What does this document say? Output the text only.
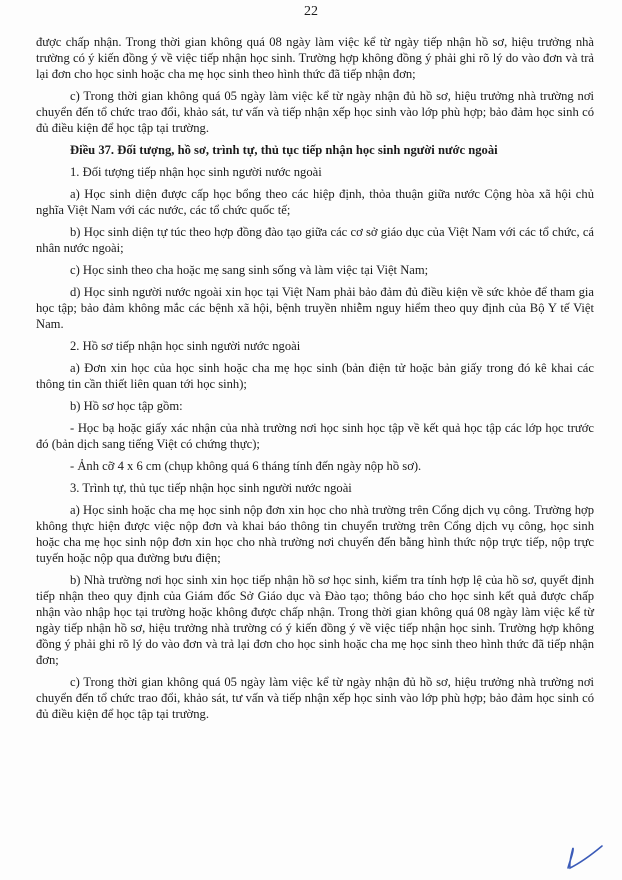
22

được chấp nhận. Trong thời gian không quá 08 ngày làm việc kể từ ngày tiếp nhận hồ sơ, hiệu trưởng nhà trường có ý kiến đồng ý về việc tiếp nhận học sinh. Trường hợp không đồng ý phải ghi rõ lý do vào đơn và trả lại đơn cho học sinh hoặc cha mẹ học sinh theo hình thức đã tiếp nhận đơn;

c) Trong thời gian không quá 05 ngày làm việc kể từ ngày nhận đủ hồ sơ, hiệu trưởng nhà trường nơi chuyển đến tổ chức trao đổi, khảo sát, tư vấn và tiếp nhận xếp học sinh vào lớp phù hợp; bảo đảm học sinh có đủ điều kiện để học tập tại trường.

Điều 37. Đối tượng, hồ sơ, trình tự, thủ tục tiếp nhận học sinh người nước ngoài

1. Đối tượng tiếp nhận học sinh người nước ngoài

a) Học sinh diện được cấp học bổng theo các hiệp định, thỏa thuận giữa nước Cộng hòa xã hội chủ nghĩa Việt Nam với các nước, các tổ chức quốc tế;

b) Học sinh diện tự túc theo hợp đồng đào tạo giữa các cơ sở giáo dục của Việt Nam với các tổ chức, cá nhân nước ngoài;

c) Học sinh theo cha hoặc mẹ sang sinh sống và làm việc tại Việt Nam;

d) Học sinh người nước ngoài xin học tại Việt Nam phải bảo đảm đủ điều kiện về sức khỏe để tham gia học tập; bảo đảm không mắc các bệnh xã hội, bệnh truyền nhiễm nguy hiểm theo quy định của Bộ Y tế Việt Nam.

2. Hồ sơ tiếp nhận học sinh người nước ngoài

a) Đơn xin học của học sinh hoặc cha mẹ học sinh (bản điện tử hoặc bản giấy trong đó kê khai các thông tin cần thiết liên quan tới học sinh);

b) Hồ sơ học tập gồm:

- Học bạ hoặc giấy xác nhận của nhà trường nơi học sinh học tập về kết quả học tập các lớp học trước đó (bản dịch sang tiếng Việt có chứng thực);

- Ảnh cỡ 4 x 6 cm (chụp không quá 6 tháng tính đến ngày nộp hồ sơ).

3. Trình tự, thủ tục tiếp nhận học sinh người nước ngoài

a) Học sinh hoặc cha mẹ học sinh nộp đơn xin học cho nhà trường trên Cổng dịch vụ công. Trường hợp không thực hiện được việc nộp đơn và khai báo thông tin chuyển trường trên Cổng dịch vụ công, học sinh hoặc cha mẹ học sinh nộp đơn xin học cho nhà trường nơi chuyển đến bằng hình thức nộp trực tiếp, nộp trực tuyến hoặc nộp qua đường bưu điện;

b) Nhà trường nơi học sinh xin học tiếp nhận hồ sơ học sinh, kiểm tra tính hợp lệ của hồ sơ, quyết định tiếp nhận theo quy định của Giám đốc Sở Giáo dục và Đào tạo; thông báo cho học sinh kết quả được chấp nhận vào nhập học tại trường hoặc không được chấp nhận. Trong thời gian không quá 08 ngày làm việc kể từ ngày tiếp nhận hồ sơ, hiệu trưởng nhà trường có ý kiến đồng ý về việc tiếp nhận học sinh. Trường hợp không đồng ý phải ghi rõ lý do vào đơn và trả lại đơn cho học sinh hoặc cha mẹ học sinh theo hình thức đã tiếp nhận đơn;

c) Trong thời gian không quá 05 ngày làm việc kể từ ngày nhận đủ hồ sơ, hiệu trưởng nhà trường nơi chuyển đến tổ chức trao đổi, khảo sát, tư vấn và tiếp nhận xếp học sinh vào lớp phù hợp; bảo đảm học sinh có đủ điều kiện để học tập tại trường.
